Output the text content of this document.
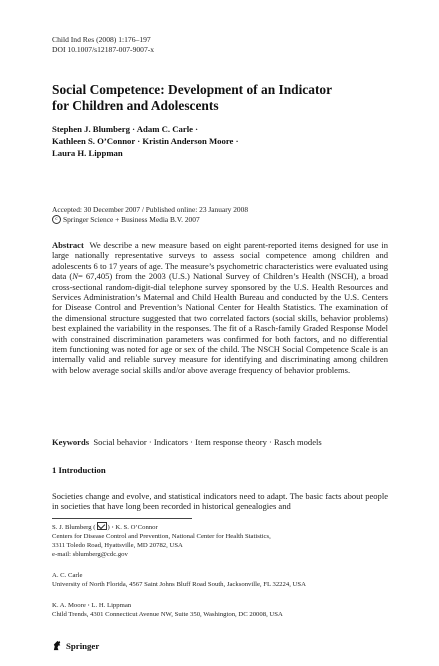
Child Ind Res (2008) 1:176–197
DOI 10.1007/s12187-007-9007-x
Social Competence: Development of an Indicator
for Children and Adolescents
Stephen J. Blumberg · Adam C. Carle ·
Kathleen S. O’Connor · Kristin Anderson Moore ·
Laura H. Lippman
Accepted: 30 December 2007 / Published online: 23 January 2008
c Springer Science + Business Media B.V. 2007
Abstract We describe a new measure based on eight parent-reported items designed for use in large nationally representative surveys to assess social competence among children and adolescents 6 to 17 years of age. The measure’s psychometric characteristics were evaluated using data (N= 67,405) from the 2003 (U.S.) National Survey of Children’s Health (NSCH), a broad cross-sectional random-digit-dial telephone survey sponsored by the U.S. Health Resources and Services Administration’s Maternal and Child Health Bureau and conducted by the U.S. Centers for Disease Control and Prevention’s National Center for Health Statistics. The examination of the dimensional structure suggested that two correlated factors (social skills, behavior problems) best explained the variability in the responses. The fit of a Rasch-family Graded Response Model with constrained discrimination parameters was confirmed for both factors, and no differential item functioning was noted for age or sex of the child. The NSCH Social Competence Scale is an internally valid and reliable survey measure for identifying and discriminating among children with below average social skills and/or above average frequency of behavior problems.
Keywords Social behavior · Indicators · Item response theory · Rasch models
1 Introduction
Societies change and evolve, and statistical indicators need to adapt. The basic facts about people in societies that have long been recorded in historical genealogies and
S. J. Blumberg ( ) · K. S. O’Connor
Centers for Disease Control and Prevention, National Center for Health Statistics,
3311 Toledo Road, Hyattsville, MD 20782, USA
e-mail: sblumberg@cdc.gov
A. C. Carle
University of North Florida, 4567 Saint Johns Bluff Road South, Jacksonville, FL 32224, USA
K. A. Moore · L. H. Lippman
Child Trends, 4301 Connecticut Avenue NW, Suite 350, Washington, DC 20008, USA
Springer
